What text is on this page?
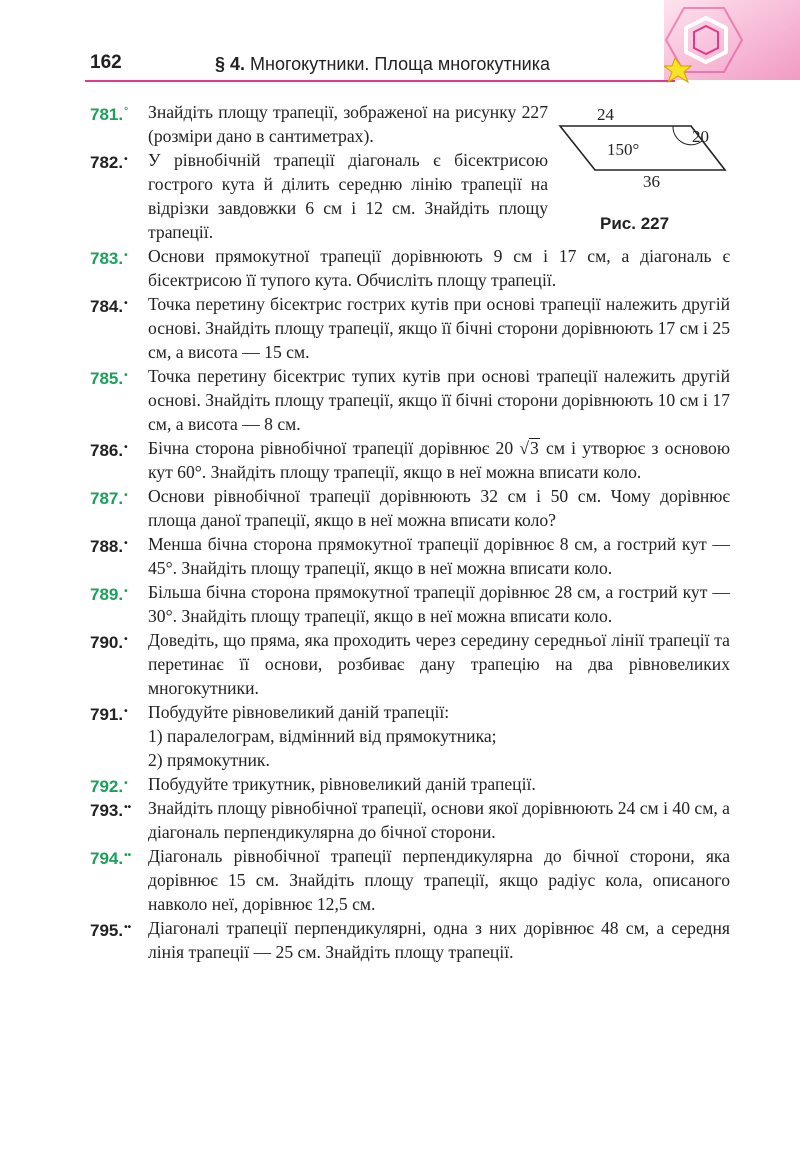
162	§ 4. Многокутники. Площа многокутника
24
20
150°
36
Рис. 227
781.° Знайдіть площу трапеції, зображеної на рисунку 227 (розміри дано в сантиметрах).
782.• У рівнобічній трапеції діагональ є бісектрисою гострого кута й ділить середню лінію трапеції на відрізки завдовжки 6 см і 12 см. Знайдіть площу трапеції.
783.• Основи прямокутної трапеції дорівнюють 9 см і 17 см, а діагональ є бісектрисою її тупого кута. Обчисліть площу трапеції.
784.• Точка перетину бісектрис гострих кутів при основі трапеції належить другій основі. Знайдіть площу трапеції, якщо її бічні сторони дорівнюють 17 см і 25 см, а висота — 15 см.
785.• Точка перетину бісектрис тупих кутів при основі трапеції належить другій основі. Знайдіть площу трапеції, якщо її бічні сторони дорівнюють 10 см і 17 см, а висота — 8 см.
786.• Бічна сторона рівнобічної трапеції дорівнює 20 √3 см і утворює з основою кут 60°. Знайдіть площу трапеції, якщо в неї можна вписати коло.
787.• Основи рівнобічної трапеції дорівнюють 32 см і 50 см. Чому дорівнює площа даної трапеції, якщо в неї можна вписати коло?
788.• Менша бічна сторона прямокутної трапеції дорівнює 8 см, а гострий кут — 45°. Знайдіть площу трапеції, якщо в неї можна вписати коло.
789.• Більша бічна сторона прямокутної трапеції дорівнює 28 см, а гострий кут — 30°. Знайдіть площу трапеції, якщо в неї можна вписати коло.
790.• Доведіть, що пряма, яка проходить через середину середньої лінії трапеції та перетинає її основи, розбиває дану трапецію на два рівновеликих многокутники.
791.• Побудуйте рівновеликий даній трапеції:
1) паралелограм, відмінний від прямокутника;
2) прямокутник.
792.• Побудуйте трикутник, рівновеликий даній трапеції.
793.•• Знайдіть площу рівнобічної трапеції, основи якої дорівнюють 24 см і 40 см, а діагональ перпендикулярна до бічної сторони.
794.•• Діагональ рівнобічної трапеції перпендикулярна до бічної сторони, яка дорівнює 15 см. Знайдіть площу трапеції, якщо радіус кола, описаного навколо неї, дорівнює 12,5 см.
795.•• Діагоналі трапеції перпендикулярні, одна з них дорівнює 48 см, а середня лінія трапеції — 25 см. Знайдіть площу трапеції.
